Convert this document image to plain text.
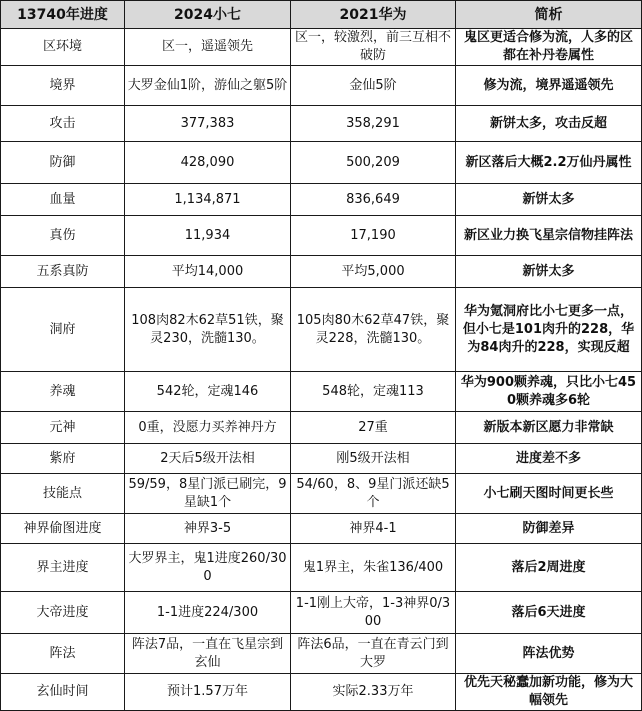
13740年进度	2024小七	2021华为	简析
区环境	区一，遥遥领先	区一，较激烈，前三互相不破防	鬼区更适合修为流，人多的区都在补丹卷属性
境界	大罗金仙1阶，游仙之躯5阶	金仙5阶	修为流，境界遥遥领先
攻击	377,383	358,291	新饼太多，攻击反超
防御	428,090	500,209	新区落后大概2.2万仙丹属性
血量	1,134,871	836,649	新饼太多
真伤	11,934	17,190	新区业力换飞星宗信物挂阵法
五系真防	平均14,000	平均5,000	新饼太多
洞府	108肉82木62草51铁，聚灵230，洗髓130。	105肉80木62草47铁，聚灵228，洗髓130。	华为氪洞府比小七更多一点，但小七是101肉升的228，华为84肉升的228，实现反超
养魂	542轮，定魂146	548轮，定魂113	华为900颗养魂，只比小七450颗养魂多6轮
元神	0重，没愿力买养神丹方	27重	新版本新区愿力非常缺
紫府	2天后5级开法相	刚5级开法相	进度差不多
技能点	59/59，8星门派已刷完，9星缺1个	54/60，8、9星门派还缺5个	小七刷天图时间更长些
神界偷图进度	神界3-5	神界4-1	防御差异
界主进度	大罗界主，鬼1进度260/300	鬼1界主，朱雀136/400	落后2周进度
大帝进度	1-1进度224/300	1-1刚上大帝，1-3神界0/300	落后6天进度
阵法	阵法7品，一直在飞星宗到玄仙	阵法6品，一直在青云门到大罗	阵法优势
玄仙时间	预计1.57万年	实际2.33万年	优先天秘蠢加新功能，修为大幅领先
